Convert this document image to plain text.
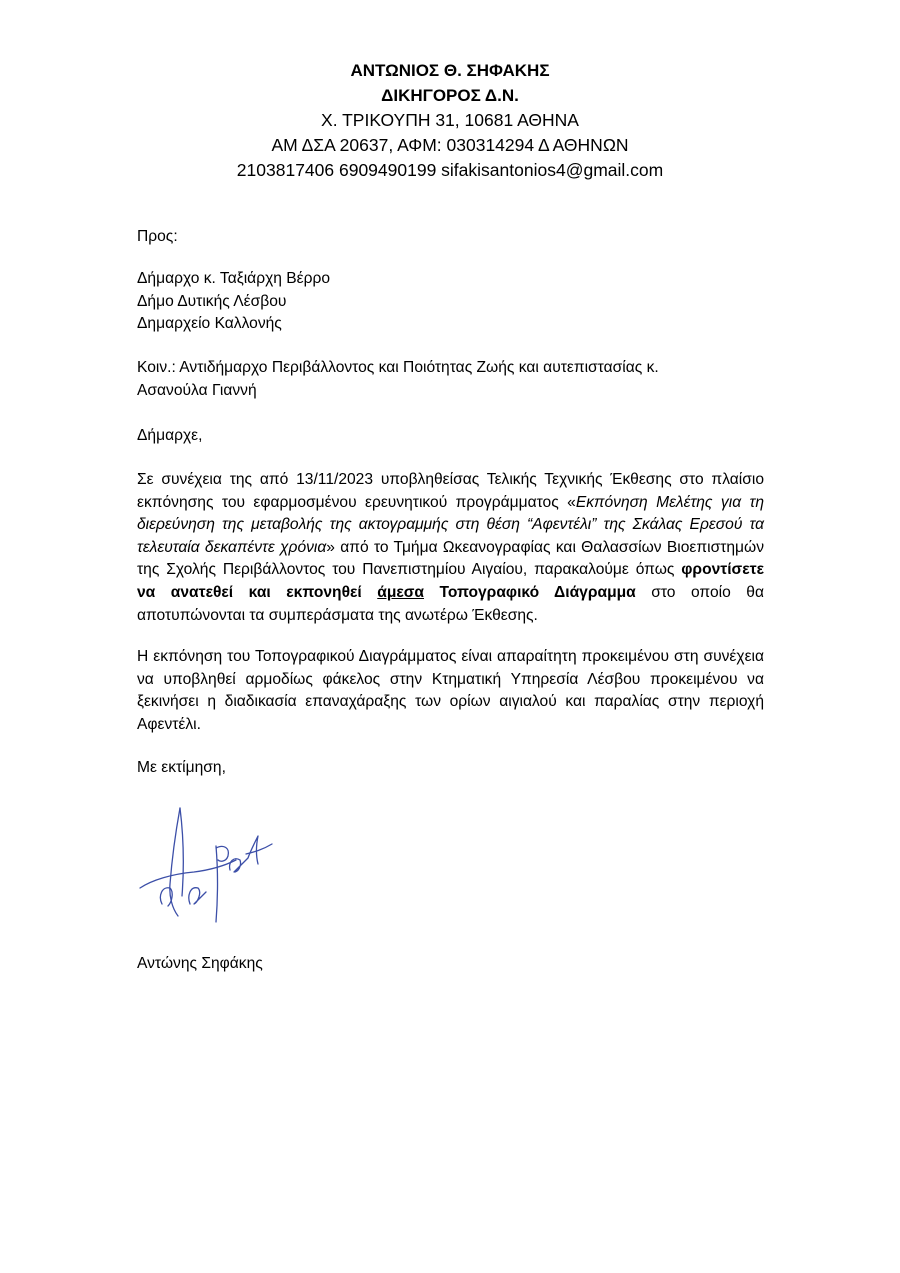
ΑΝΤΩΝΙΟΣ Θ. ΣΗΦΑΚΗΣ
ΔΙΚΗΓΟΡΟΣ Δ.Ν.
Χ. ΤΡΙΚΟΥΠΗ 31, 10681 ΑΘΗΝΑ
ΑΜ ΔΣΑ 20637, ΑΦΜ: 030314294 Δ ΑΘΗΝΩΝ
2103817406 6909490199 sifakisantonios4@gmail.com
Προς:
Δήμαρχο κ. Ταξιάρχη Βέρρο
Δήμο Δυτικής Λέσβου
Δημαρχείο Καλλονής
Κοιν.: Αντιδήμαρχο Περιβάλλοντος και Ποιότητας Ζωής και αυτεπιστασίας κ.
Ασανούλα Γιαννή
Δήμαρχε,
Σε συνέχεια της από 13/11/2023 υποβληθείσας Τελικής Τεχνικής Έκθεσης στο πλαίσιο εκπόνησης του εφαρμοσμένου ερευνητικού προγράμματος «Εκπόνηση Μελέτης για τη διερεύνηση της μεταβολής της ακτογραμμής στη θέση “Αφεντέλι” της Σκάλας Ερεσού τα τελευταία δεκαπέντε χρόνια» από το Τμήμα Ωκεανογραφίας και Θαλασσίων Βιοεπιστημών της Σχολής Περιβάλλοντος του Πανεπιστημίου Αιγαίου, παρακαλούμε όπως φροντίσετε να ανατεθεί και εκπονηθεί άμεσα Τοπογραφικό Διάγραμμα στο οποίο θα αποτυπώνονται τα συμπεράσματα της ανωτέρω Έκθεσης.
Η εκπόνηση του Τοπογραφικού Διαγράμματος είναι απαραίτητη προκειμένου στη συνέχεια να υποβληθεί αρμοδίως φάκελος στην Κτηματική Υπηρεσία Λέσβου προκειμένου να ξεκινήσει η διαδικασία επαναχάραξης των ορίων αιγιαλού και παραλίας στην περιοχή Αφεντέλι.
Με εκτίμηση,
Αντώνης Σηφάκης
